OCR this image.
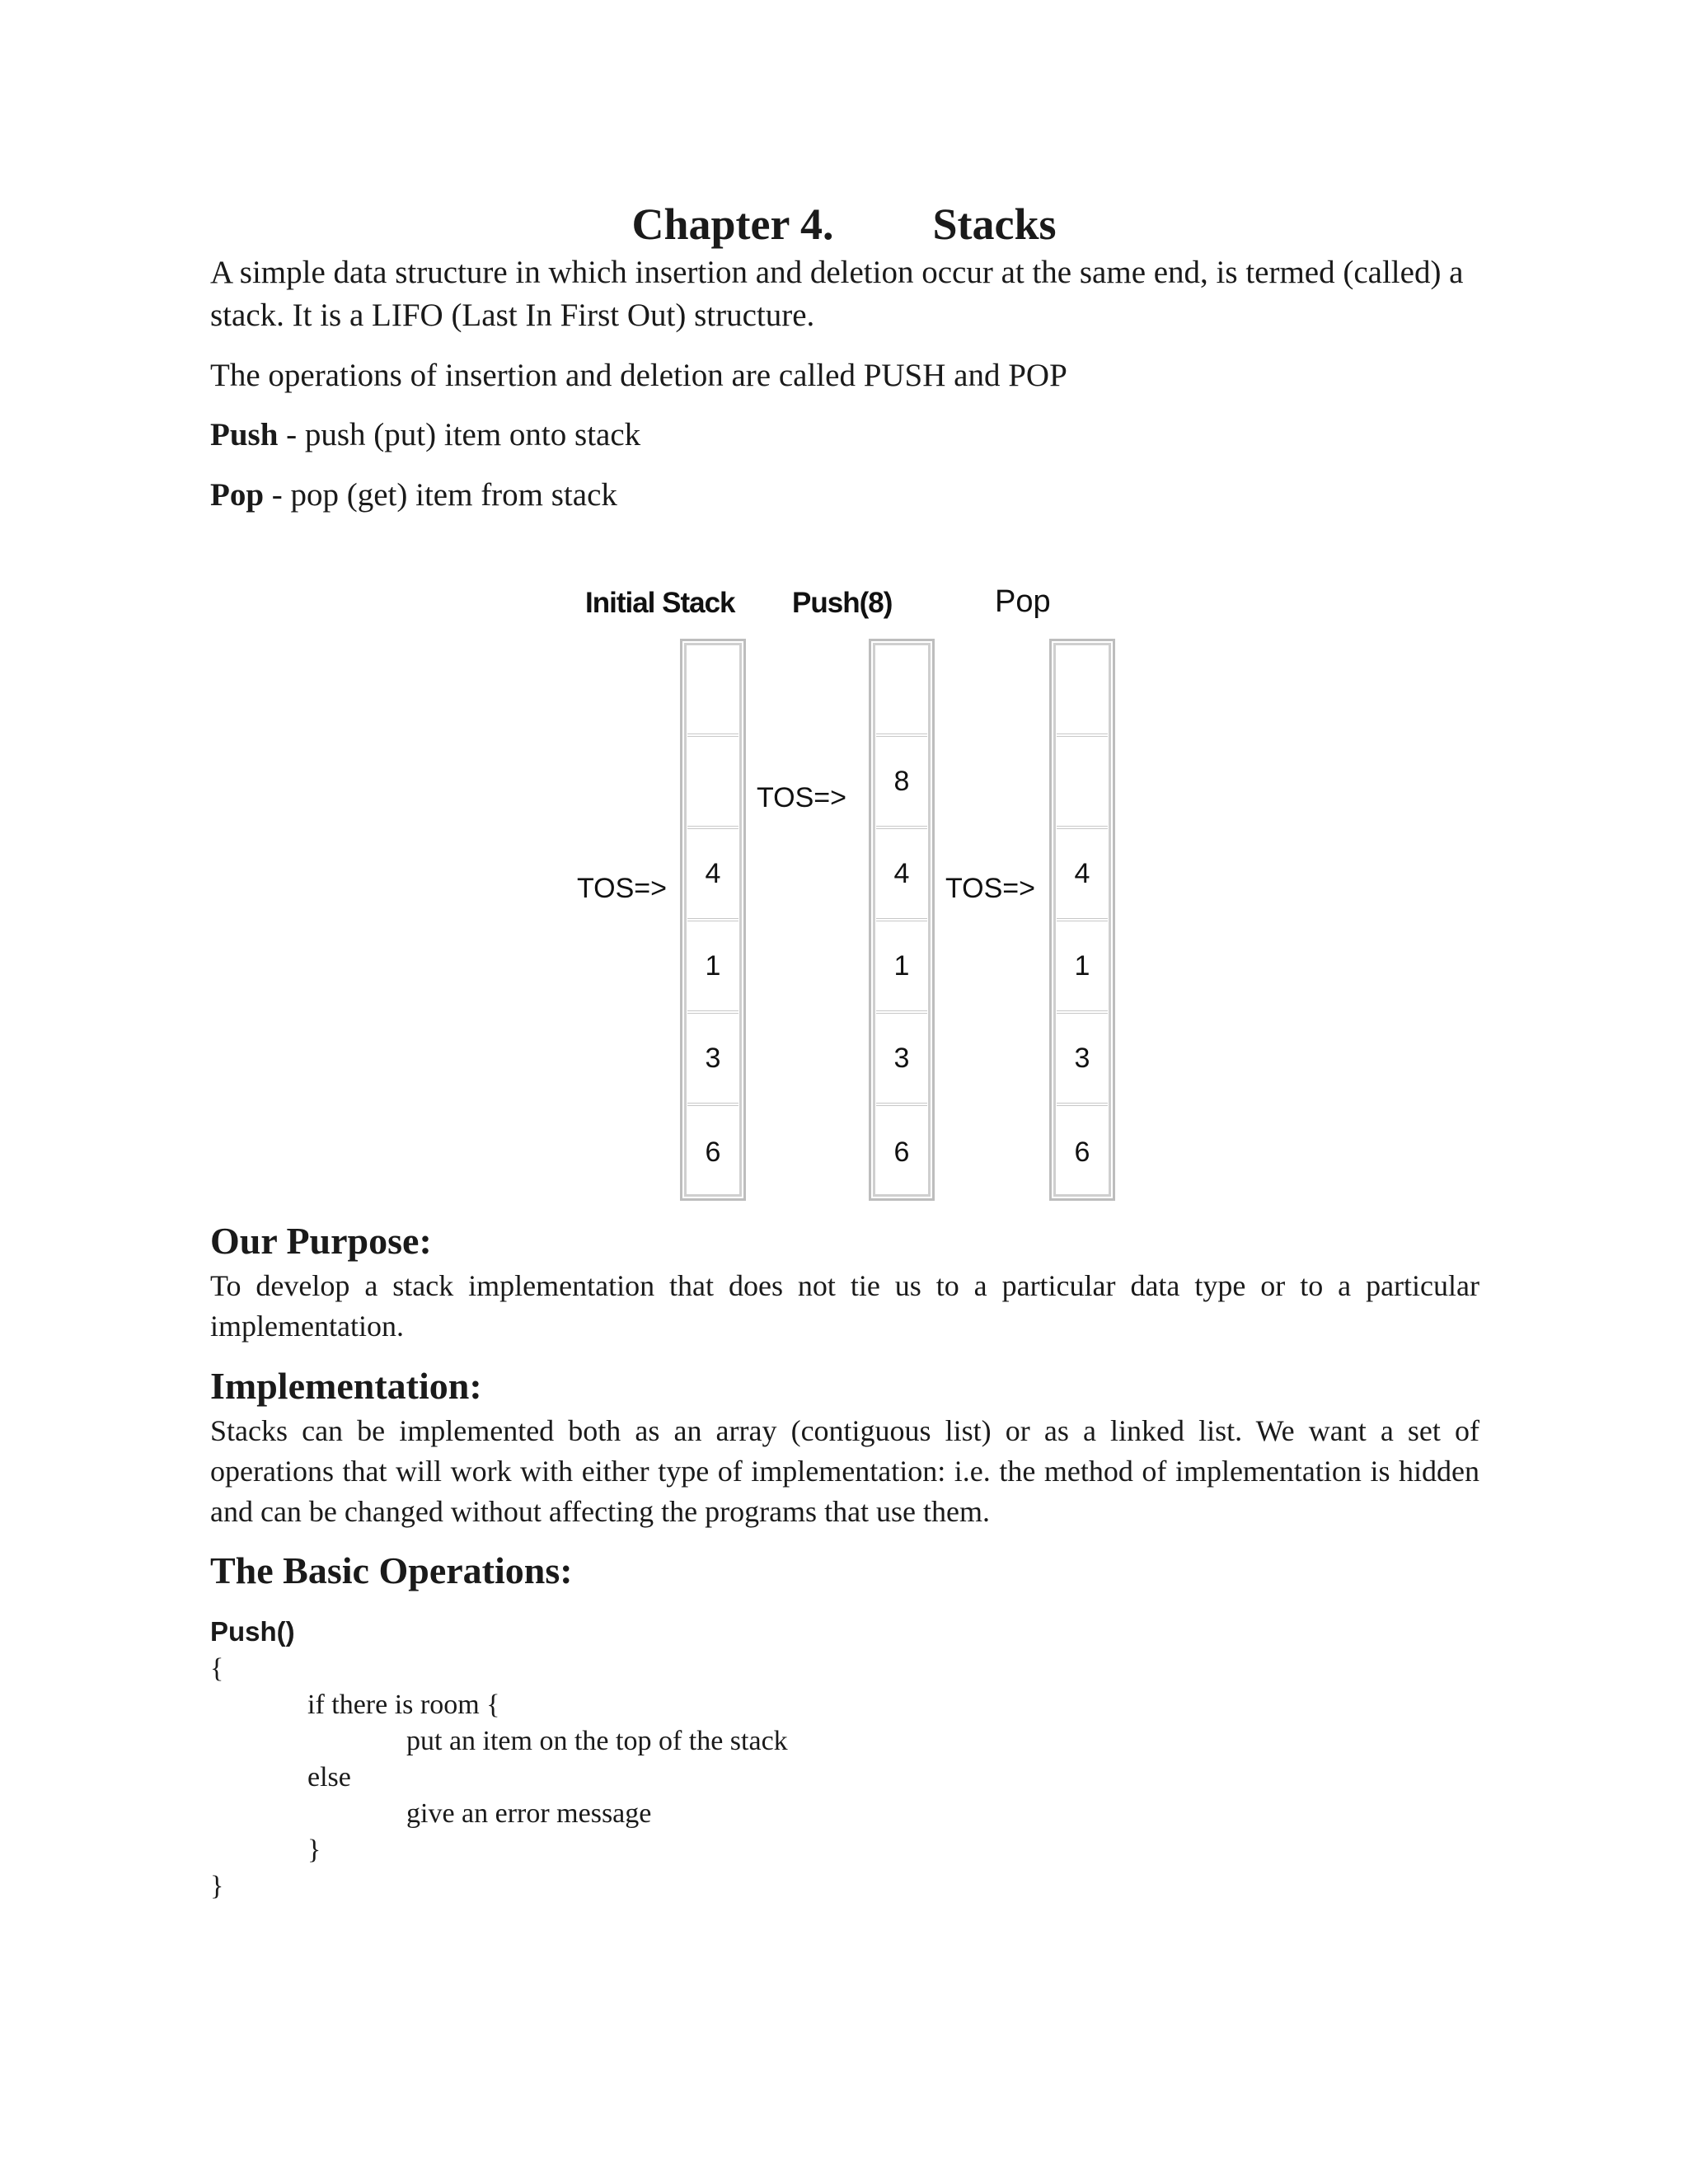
Chapter 4. Stacks
A simple data structure in which insertion and deletion occur at the same end, is termed (called) a stack. It is a LIFO (Last In First Out) structure.
The operations of insertion and deletion are called PUSH and POP
Push - push (put) item onto stack
Pop - pop (get) item from stack
Initial Stack Push(8)	Pop
4
1
3
6
TOS=>
8
4
1
3
6
TOS=>
4
1
3
6
TOS=>
Our Purpose:
To develop a stack implementation that does not tie us to a particular data type or to a particular implementation.
Implementation:
Stacks can be implemented both as an array (contiguous list) or as a linked list. We want a set of operations that will work with either type of implementation: i.e. the method of implementation is hidden and can be changed without affecting the programs that use them.
The Basic Operations:
Push()
{
if there is room {
put an item on the top of the stack
else
give an error message
}
}
